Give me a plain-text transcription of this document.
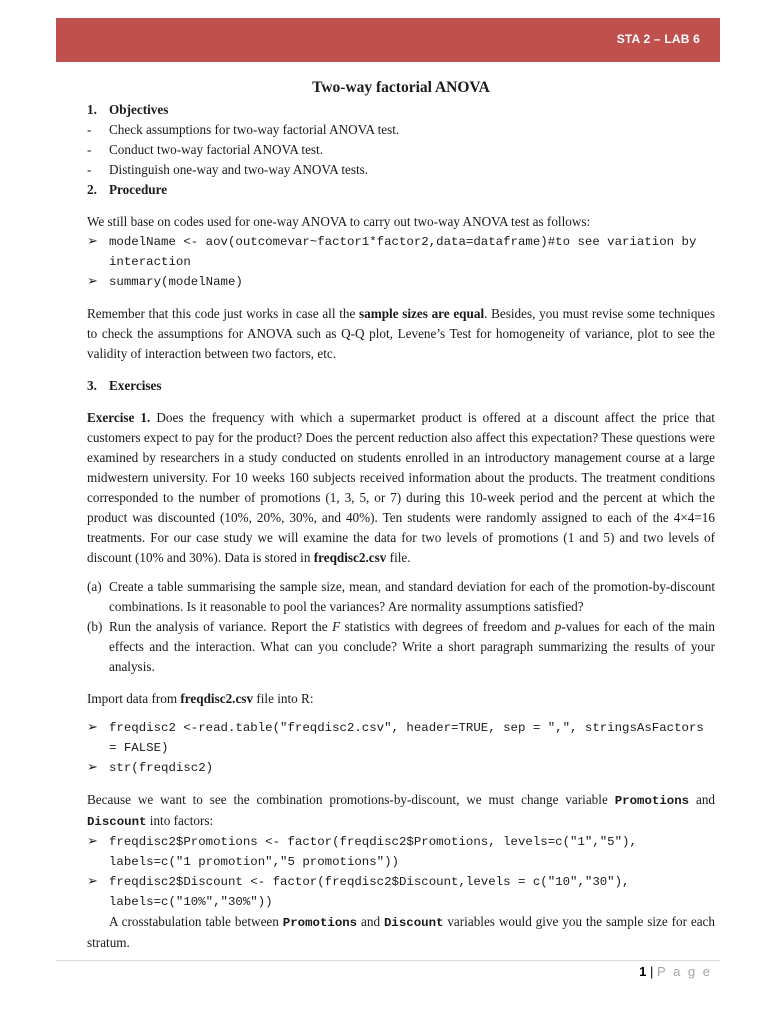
STA 2 – LAB 6
Two-way factorial ANOVA
1. Objectives
- Check assumptions for two-way factorial ANOVA test.
- Conduct two-way factorial ANOVA test.
- Distinguish one-way and two-way ANOVA tests.
2. Procedure

We still base on codes used for one-way ANOVA to carry out two-way ANOVA test as follows:

➢ modelName <- aov(outcomevar~factor1*factor2,data=dataframe)#to see variation by interaction
➢ summary(modelName)

Remember that this code just works in case all the sample sizes are equal. Besides, you must revise some techniques to check the assumptions for ANOVA such as Q-Q plot, Levene’s Test for homogeneity of variance, plot to see the validity of interaction between two factors, etc.

3. Exercises

Exercise 1. Does the frequency with which a supermarket product is offered at a discount affect the price that customers expect to pay for the product? Does the percent reduction also affect this expectation? These questions were examined by researchers in a study conducted on students enrolled in an introductory management course at a large midwestern university. For 10 weeks 160 subjects received information about the products. The treatment conditions corresponded to the number of promotions (1, 3, 5, or 7) during this 10-week period and the percent at which the product was discounted (10%, 20%, 30%, and 40%). Ten students were randomly assigned to each of the 4×4=16 treatments. For our case study we will examine the data for two levels of promotions (1 and 5) and two levels of discount (10% and 30%). Data is stored in freqdisc2.csv file.

(a) Create a table summarising the sample size, mean, and standard deviation for each of the promotion-by-discount combinations. Is it reasonable to pool the variances? Are normality assumptions satisfied?
(b) Run the analysis of variance. Report the F statistics with degrees of freedom and p-values for each of the main effects and the interaction. What can you conclude? Write a short paragraph summarizing the results of your analysis.

Import data from freqdisc2.csv file into R:

➢ freqdisc2 <-read.table("freqdisc2.csv", header=TRUE, sep = ",", stringsAsFactors = FALSE)
➢ str(freqdisc2)

Because we want to see the combination promotions-by-discount, we must change variable Promotions and Discount into factors:

➢ freqdisc2$Promotions <- factor(freqdisc2$Promotions, levels=c("1","5"), labels=c("1 promotion","5 promotions"))
➢ freqdisc2$Discount <- factor(freqdisc2$Discount,levels = c("10","30"), labels=c("10%","30%"))

A crosstabulation table between Promotions and Discount variables would give you the sample size for each stratum.

1 | P a g e
